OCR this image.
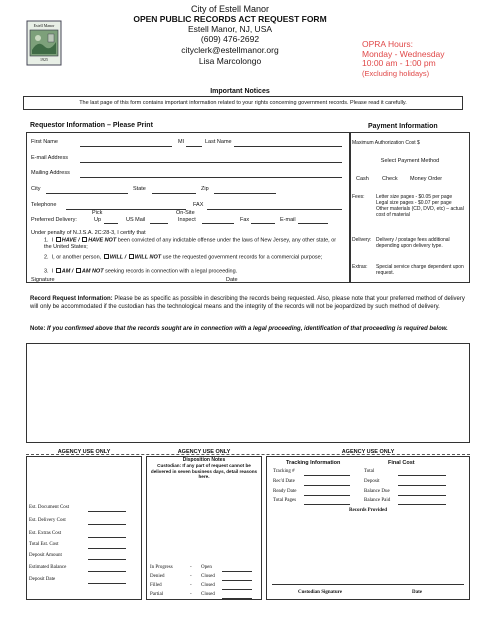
Estell Manor
1925
City of Estell Manor
OPEN PUBLIC RECORDS ACT REQUEST FORM
Estell Manor, NJ, USA
(609) 476-2692
cityclerk@estellmanor.org
Lisa Marcolongo
OPRA Hours:
Monday - Wednesday
10:00 am - 1:00 pm
(Excluding holidays)
Important Notices
The last page of this form contains important information related to your rights concerning government records. Please read it carefully.
Requestor Information – Please Print	Payment Information
First Name	MI	Last Name
E-mail Address
Mailing Address
City	State	Zip
Telephone	FAX
Pick	On-Site
Preferred Delivery:	Up	US Mail	Inspect	Fax	E-mail
Under penalty of N.J.S.A. 2C:28-3, I certify that
1. I HAVE / HAVE NOT been convicted of any indictable offense under the laws of New Jersey, any other state, or the United States;
2. I, or another person, WILL / WILL NOT use the requested government records for a commercial purpose;
3. I AM / AM NOT seeking records in connection with a legal proceeding.
Signature	Date
Maximum Authorization Cost $
Select Payment Method
Cash Check Money Order
Fees: Letter size pages - $0.05 per page
Legal size pages - $0.07 per page
Other materials (CD, DVD, etc) – actual cost of material
Delivery: Delivery / postage fees additional depending upon delivery type.
Extras: Special service charge dependent upon request.
Record Request Information: Please be as specific as possible in describing the records being requested. Also, please note that your preferred method of delivery will only be accommodated if the custodian has the technological means and the integrity of the records will not be jeopardized by such method of delivery.
Note: If you confirmed above that the records sought are in connection with a legal proceeding, identification of that proceeding is required below.
AGENCY USE ONLY	AGENCY USE ONLY	AGENCY USE ONLY
Est. Document Cost
Est. Delivery Cost
Est. Extras Cost
Total Est. Cost
Deposit Amount
Estimated Balance
Deposit Date
Disposition Notes
Custodian: If any part of request cannot be delivered in seven business days, detail reasons here.
In Progress	- Open
Denied	- Closed
Filled	- Closed
Partial	- Closed
Tracking Information	Final Cost
Tracking #
Rec'd Date
Ready Date
Total Pages
Total
Deposit
Balance Due
Balance Paid
Records Provided
Custodian Signature	Date
